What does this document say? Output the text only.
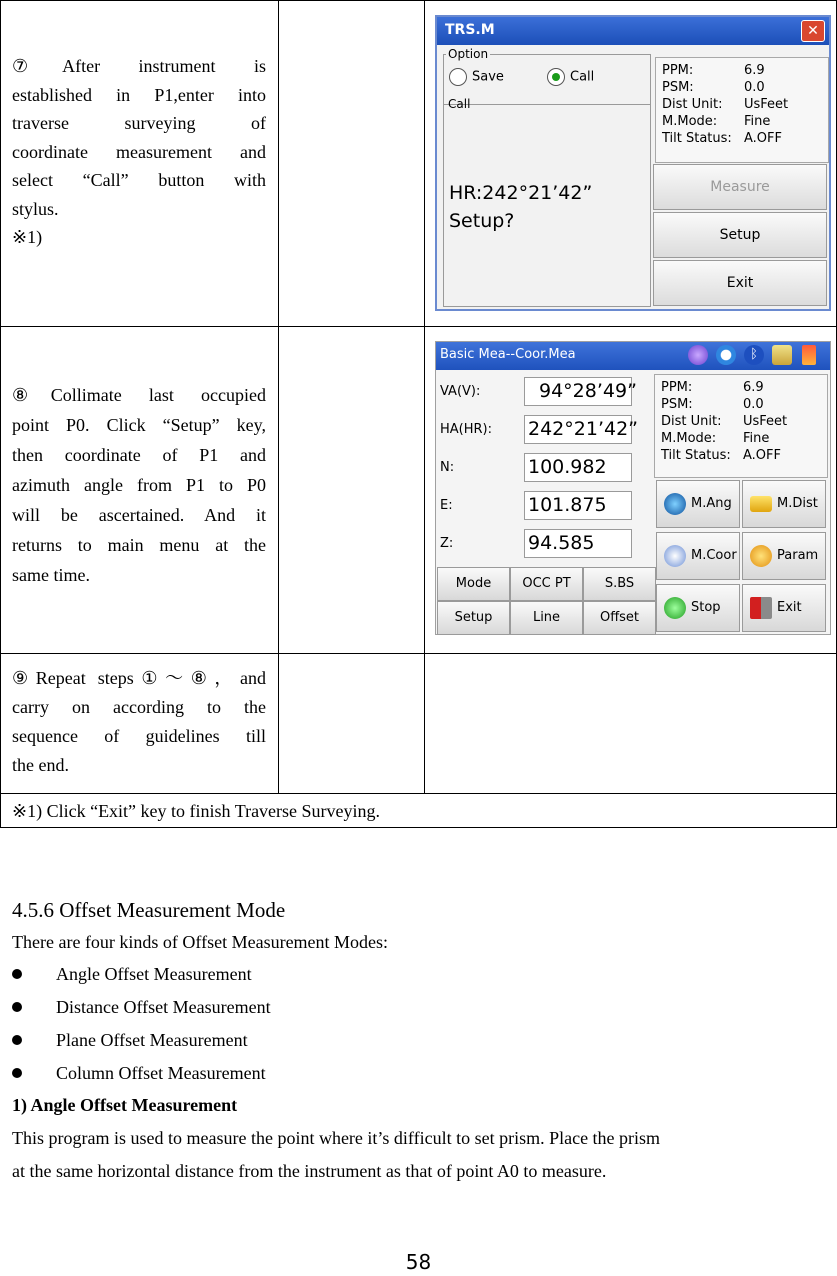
⑦After instrument is
established in P1,enter into
traverse surveying of
coordinate measurement and
select “Call” button with
stylus.
※1)
TRS.M	✕
Option
Save	Call
Call
HR:242°21’42”
Setup?
PPM:	6.9
PSM:	0.0
Dist Unit: UsFeet
M.Mode: Fine
Tilt Status: A.OFF
Measure
Setup
Exit
⑧Collimate last occupied
point P0. Click “Setup” key,
then coordinate of P1 and
azimuth angle from P1 to P0
will be ascertained. And it
returns to main menu at the
same time.
Basic Mea--Coor.Mea	ᛒ
VA(V):	94°28’49”
HA(HR): 242°21’42”
N:	100.982
E:	101.875
Z:	94.585
PPM:	6.9
PSM:	0.0
Dist Unit: UsFeet
M.Mode: Fine
Tilt Status: A.OFF
M.Ang	M.Dist
M.Coor	Param
Stop	Exit
Mode	OCC PT	S.BS
Setup	Line	Offset
⑨Repeat steps①～⑧，and
carry on according to the
sequence of guidelines till
the end.
※1) Click “Exit” key to finish Traverse Surveying.
4.5.6 Offset Measurement Mode
There are four kinds of Offset Measurement Modes:
Angle Offset Measurement
Distance Offset Measurement
Plane Offset Measurement
Column Offset Measurement
1) Angle Offset Measurement
This program is used to measure the point where it’s difficult to set prism. Place the prism
at the same horizontal distance from the instrument as that of point A0 to measure.
58
